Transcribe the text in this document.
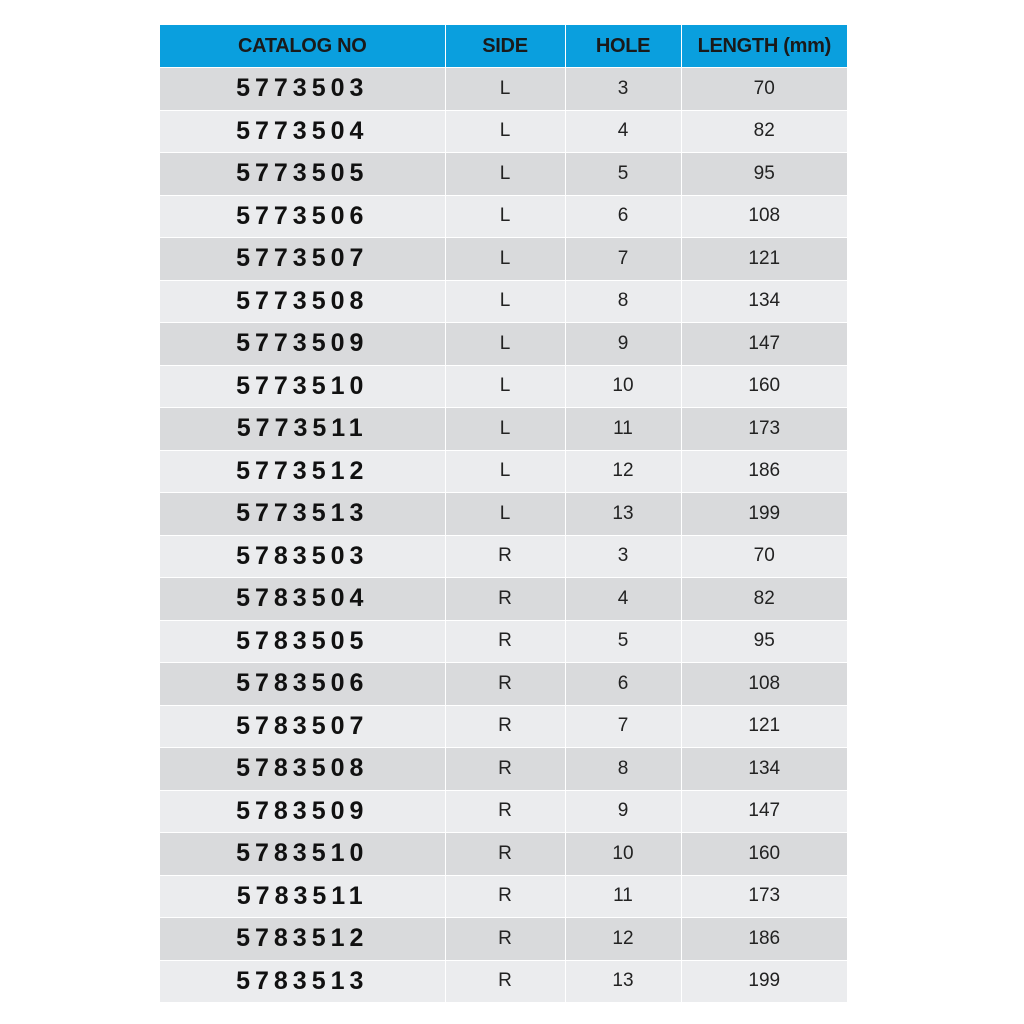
CATALOG NO	SIDE	HOLE	LENGTH (mm)
5773503	L	3	70
5773504	L	4	82
5773505	L	5	95
5773506	L	6	108
5773507	L	7	121
5773508	L	8	134
5773509	L	9	147
5773510	L	10	160
5773511	L	11	173
5773512	L	12	186
5773513	L	13	199
5783503	R	3	70
5783504	R	4	82
5783505	R	5	95
5783506	R	6	108
5783507	R	7	121
5783508	R	8	134
5783509	R	9	147
5783510	R	10	160
5783511	R	11	173
5783512	R	12	186
5783513	R	13	199
